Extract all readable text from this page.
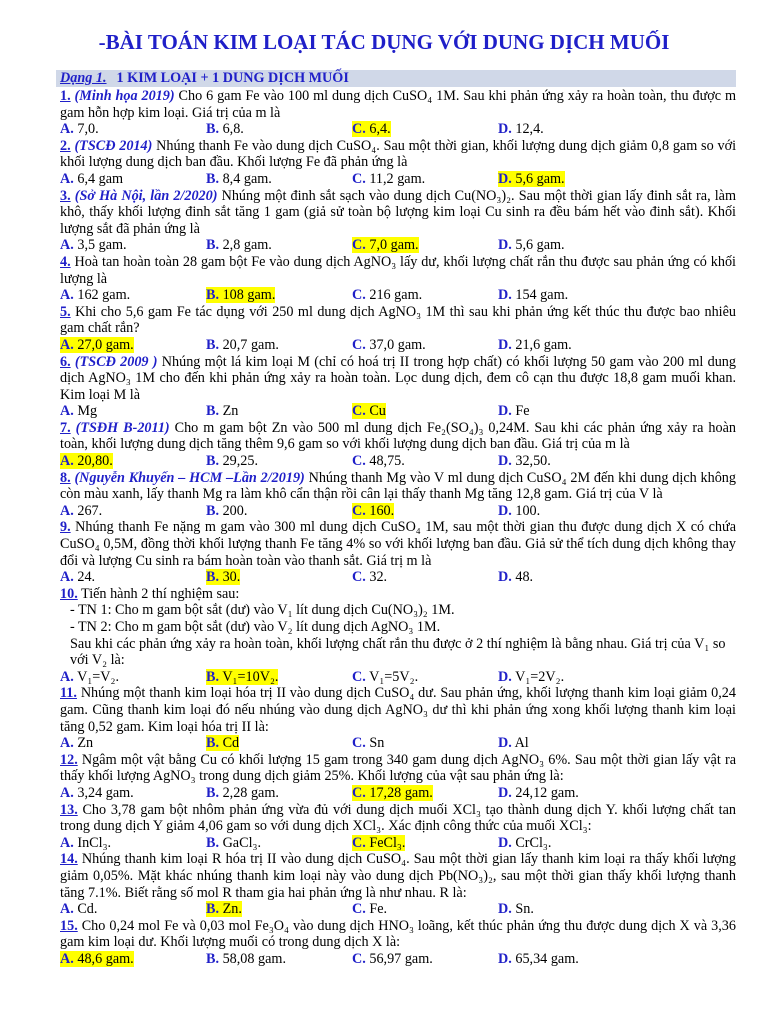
-BÀI TOÁN KIM LOẠI TÁC DỤNG VỚI DUNG DỊCH MUỐI
Dạng 1. 1 KIM LOẠI + 1 DUNG DỊCH MUỐI
1. (Minh họa 2019) Cho 6 gam Fe vào 100 ml dung dịch CuSO₄ 1M. Sau khi phản ứng xảy ra hoàn toàn, thu được m gam hỗn hợp kim loại. Giá trị của m là
A. 7,0.	B. 6,8.	C. 6,4.	D. 12,4.
2. (TSCĐ 2014) Nhúng thanh Fe vào dung dịch CuSO₄. Sau một thời gian, khối lượng dung dịch giảm 0,8 gam so với khối lượng dung dịch ban đầu. Khối lượng Fe đã phản ứng là
A. 6,4 gam	B. 8,4 gam.	C. 11,2 gam.	D. 5,6 gam.
3. (Sở Hà Nội, lần 2/2020) Nhúng một đinh sắt sạch vào dung dịch Cu(NO₃)₂. Sau một thời gian lấy đinh sắt ra, làm khô, thấy khối lượng đinh sắt tăng 1 gam (giả sử toàn bộ lượng kim loại Cu sinh ra đều bám hết vào đinh sắt). Khối lượng sắt đã phản ứng là
A. 3,5 gam.	B. 2,8 gam.	C. 7,0 gam.	D. 5,6 gam.
4. Hoà tan hoàn toàn 28 gam bột Fe vào dung dịch AgNO₃ lấy dư, khối lượng chất rắn thu được sau phản ứng có khối lượng là
A. 162 gam.	B. 108 gam.	C. 216 gam.	D. 154 gam.
5. Khi cho 5,6 gam Fe tác dụng với 250 ml dung dịch AgNO₃ 1M thì sau khi phản ứng kết thúc thu được bao nhiêu gam chất rắn?
A. 27,0 gam.	B. 20,7 gam.	C. 37,0 gam.	D. 21,6 gam.
6. (TSCĐ 2009 ) Nhúng một lá kim loại M (chỉ có hoá trị II trong hợp chất) có khối lượng 50 gam vào 200 ml dung dịch AgNO₃ 1M cho đến khi phản ứng xảy ra hoàn toàn. Lọc dung dịch, đem cô cạn thu được 18,8 gam muối khan. Kim loại M là
A. Mg	B. Zn	C. Cu	D. Fe
7. (TSĐH B-2011) Cho m gam bột Zn vào 500 ml dung dịch Fe₂(SO₄)₃ 0,24M. Sau khi các phản ứng xảy ra hoàn toàn, khối lượng dung dịch tăng thêm 9,6 gam so với khối lượng dung dịch ban đầu. Giá trị của m là
A. 20,80.	B. 29,25.	C. 48,75.	D. 32,50.
8. (Nguyễn Khuyến – HCM –Lần 2/2019) Nhúng thanh Mg vào V ml dung dịch CuSO₄ 2M đến khi dung dịch không còn màu xanh, lấy thanh Mg ra làm khô cẩn thận rồi cân lại thấy thanh Mg tăng 12,8 gam. Giá trị của V là
A. 267.	B. 200.	C. 160.	D. 100.
9. Nhúng thanh Fe nặng m gam vào 300 ml dung dịch CuSO₄ 1M, sau một thời gian thu được dung dịch X có chứa CuSO₄ 0,5M, đồng thời khối lượng thanh Fe tăng 4% so với khối lượng ban đầu. Giả sử thể tích dung dịch không thay đổi và lượng Cu sinh ra bám hoàn toàn vào thanh sắt. Giá trị m là
A. 24.	B. 30.	C. 32.	D. 48.
10. Tiến hành 2 thí nghiệm sau:
- TN 1: Cho m gam bột sắt (dư) vào V₁ lít dung dịch Cu(NO₃)₂ 1M.
- TN 2: Cho m gam bột sắt (dư) vào V₂ lít dung dịch AgNO₃ 1M.
Sau khi các phản ứng xảy ra hoàn toàn, khối lượng chất rắn thu được ở 2 thí nghiệm là bằng nhau. Giá trị của V₁ so với V₂ là:
A. V₁=V₂.	B. V₁=10V₂.	C. V₁=5V₂.	D. V₁=2V₂.
11. Nhúng một thanh kim loại hóa trị II vào dung dịch CuSO₄ dư. Sau phản ứng, khối lượng thanh kim loại giảm 0,24 gam. Cũng thanh kim loại đó nếu nhúng vào dung dịch AgNO₃ dư thì khi phản ứng xong khối lượng thanh kim loại tăng 0,52 gam. Kim loại hóa trị II là:
A. Zn	B. Cd	C. Sn	D. Al
12. Ngâm một vật bằng Cu có khối lượng 15 gam trong 340 gam dung dịch AgNO₃ 6%. Sau một thời gian lấy vật ra thấy khối lượng AgNO₃ trong dung dịch giảm 25%. Khối lượng của vật sau phản ứng là:
A. 3,24 gam.	B. 2,28 gam.	C. 17,28 gam.	D. 24,12 gam.
13. Cho 3,78 gam bột nhôm phản ứng vừa đủ với dung dịch muối XCl₃ tạo thành dung dịch Y. khối lượng chất tan trong dung dịch Y giảm 4,06 gam so với dung dịch XCl₃. Xác định công thức của muối XCl₃:
A. InCl₃.	B. GaCl₃.	C. FeCl₃.	D. CrCl₃.
14. Nhúng thanh kim loại R hóa trị II vào dung dịch CuSO₄. Sau một thời gian lấy thanh kim loại ra thấy khối lượng giảm 0,05%. Mặt khác nhúng thanh kim loại này vào dung dịch Pb(NO₃)₂, sau một thời gian thấy khối lượng thanh tăng 7.1%. Biết rằng số mol R tham gia hai phản ứng là như nhau. R là:
A. Cd.	B. Zn.	C. Fe.	D. Sn.
15. Cho 0,24 mol Fe và 0,03 mol Fe₃O₄ vào dung dịch HNO₃ loãng, kết thúc phản ứng thu được dung dịch X và 3,36 gam kim loại dư. Khối lượng muối có trong dung dịch X là:
A. 48,6 gam.	B. 58,08 gam.	C. 56,97 gam.	D. 65,34 gam.
